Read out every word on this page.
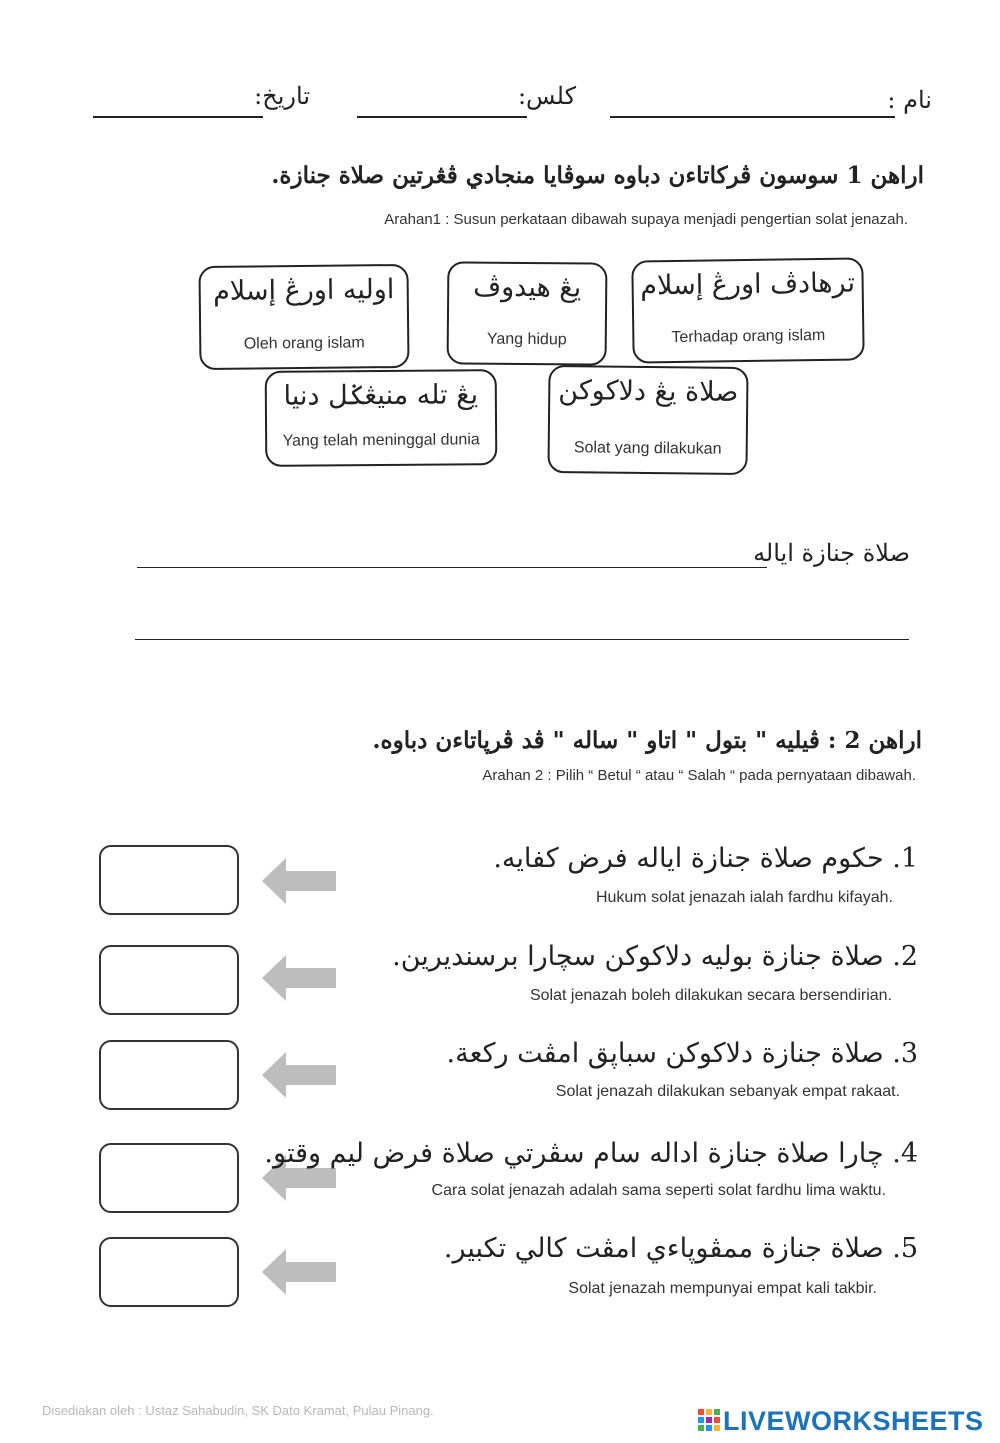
نام :
كلس:
تاريخ:
اراهن 1 سوسون ڤركاتاءن دباوه سوڤايا منجادي ڤڠرتين صلاة جنازة.
Arahan1 : Susun perkataan dibawah supaya menjadi pengertian solat jenazah.
اوليه اورڠ إسلام
Oleh orang islam
يڠ هيدوڤ
Yang hidup
ترهادڤ اورڠ إسلام
Terhadap orang islam
يڠ تله منيڠݢل دنيا
Yang telah meninggal dunia
صلاة يڠ دلاكوكن
Solat yang dilakukan
صلاة جنازة اياله
اراهن 2 : ڤيليه " بتول " اتاو " ساله " ڤد ڤرڽاتاءن دباوه.
Arahan 2 : Pilih “ Betul “ atau “ Salah “ pada pernyataan dibawah.
1. حکوم صلاة جنازة اياله فرض كفايه.
Hukum solat jenazah ialah fardhu kifayah.
2. صلاة جنازة بوليه دلاکوکن سچارا برسنديرين.
Solat jenazah boleh dilakukan secara bersendirian.
3. صلاة جنازة دلاکوکن سباڽق امڤت رکعة.
Solat jenazah dilakukan sebanyak empat rakaat.
4. چارا صلاة جنازة اداله سام سڤرتي صلاة فرض ليم وقتو.
Cara solat jenazah adalah sama seperti solat fardhu lima waktu.
5. صلاة جنازة ممڤوڽاءي امڤت كالي تكبير.
Solat jenazah mempunyai empat kali takbir.
Disediakan oleh : Ustaz Sahabudin, SK Dato Kramat, Pulau Pinang.	LIVEWORKSHEETS
